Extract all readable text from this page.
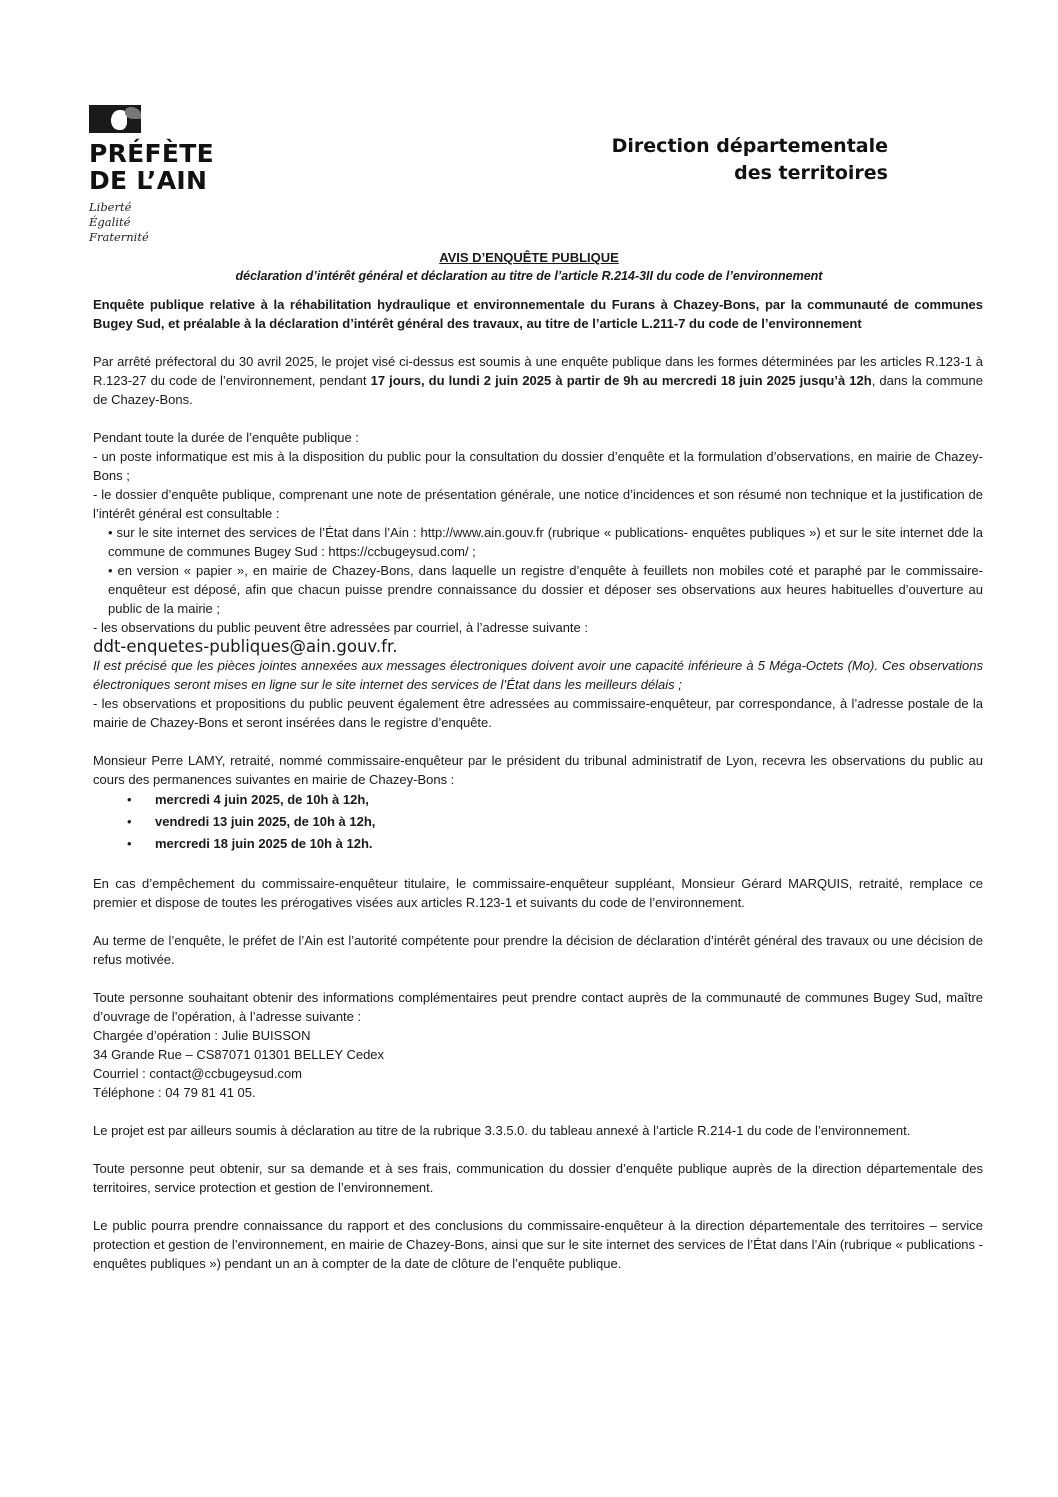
PRÉFÈTE
DE L’AIN
Liberté
Égalité
Fraternité
Direction départementale
des territoires
AVIS D’ENQUÊTE PUBLIQUE
déclaration d’intérêt général et déclaration au titre de l’article R.214-3II du code de l’environnement

Enquête publique relative à la réhabilitation hydraulique et environnementale du Furans à Chazey-Bons, par la communauté de communes Bugey Sud, et préalable à la déclaration d’intérêt général des travaux, au titre de l’article L.211-7 du code de l’environnement

Par arrêté préfectoral du 30 avril 2025, le projet visé ci-dessus est soumis à une enquête publique dans les formes déterminées par les articles R.123-1 à R.123-27 du code de l’environnement, pendant 17 jours, du lundi 2 juin 2025 à partir de 9h au mercredi 18 juin 2025 jusqu’à 12h, dans la commune de Chazey-Bons.

Pendant toute la durée de l’enquête publique :

- un poste informatique est mis à la disposition du public pour la consultation du dossier d’enquête et la formulation d’observations, en mairie de Chazey-Bons ;

- le dossier d’enquête publique, comprenant une note de présentation générale, une notice d’incidences et son résumé non technique et la justification de l’intérêt général est consultable :

• sur le site internet des services de l’État dans l’Ain : http://www.ain.gouv.fr (rubrique « publications- enquêtes publiques ») et sur le site internet dde la commune de communes Bugey Sud : https://ccbugeysud.com/ ;

• en version « papier », en mairie de Chazey-Bons, dans laquelle un registre d’enquête à feuillets non mobiles coté et paraphé par le commissaire-enquêteur est déposé, afin que chacun puisse prendre connaissance du dossier et déposer ses observations aux heures habituelles d’ouverture au public de la mairie ;

- les observations du public peuvent être adressées par courriel, à l’adresse suivante :

ddt-enquetes-publiques@ain.gouv.fr.

Il est précisé que les pièces jointes annexées aux messages électroniques doivent avoir une capacité inférieure à 5 Méga-Octets (Mo). Ces observations électroniques seront mises en ligne sur le site internet des services de l’État dans les meilleurs délais ;

- les observations et propositions du public peuvent également être adressées au commissaire-enquêteur, par correspondance, à l’adresse postale de la mairie de Chazey-Bons et seront insérées dans le registre d’enquête.

Monsieur Perre LAMY, retraité, nommé commissaire-enquêteur par le président du tribunal administratif de Lyon, recevra les observations du public au cours des permanences suivantes en mairie de Chazey-Bons :

• mercredi 4 juin 2025, de 10h à 12h,
• vendredi 13 juin 2025, de 10h à 12h,
• mercredi 18 juin 2025 de 10h à 12h.

En cas d’empêchement du commissaire-enquêteur titulaire, le commissaire-enquêteur suppléant, Monsieur Gérard MARQUIS, retraité, remplace ce premier et dispose de toutes les prérogatives visées aux articles R.123-1 et suivants du code de l’environnement.

Au terme de l’enquête, le préfet de l’Ain est l’autorité compétente pour prendre la décision de déclaration d’intérêt général des travaux ou une décision de refus motivée.

Toute personne souhaitant obtenir des informations complémentaires peut prendre contact auprès de la communauté de communes Bugey Sud, maître d’ouvrage de l’opération, à l’adresse suivante :

Chargée d’opération : Julie BUISSON

34 Grande Rue – CS87071 01301 BELLEY Cedex

Courriel : contact@ccbugeysud.com

Téléphone : 04 79 81 41 05.

Le projet est par ailleurs soumis à déclaration au titre de la rubrique 3.3.5.0. du tableau annexé à l’article R.214-1 du code de l’environnement.

Toute personne peut obtenir, sur sa demande et à ses frais, communication du dossier d’enquête publique auprès de la direction départementale des territoires, service protection et gestion de l’environnement.

Le public pourra prendre connaissance du rapport et des conclusions du commissaire-enquêteur à la direction départementale des territoires – service protection et gestion de l’environnement, en mairie de Chazey-Bons, ainsi que sur le site internet des services de l’État dans l’Ain (rubrique « publications - enquêtes publiques ») pendant un an à compter de la date de clôture de l’enquête publique.
